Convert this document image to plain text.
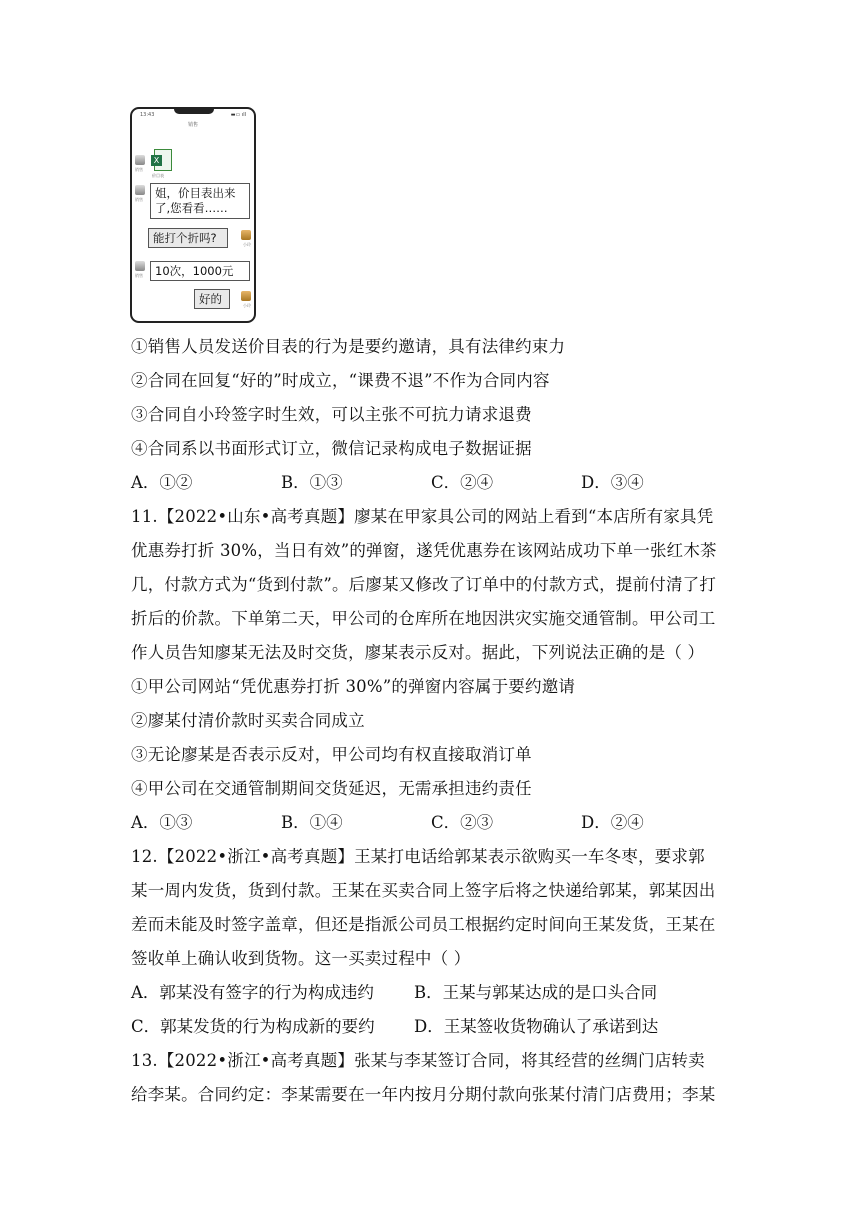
13:43	▬▭ ıll
销售
销售
X
价目表
销售	姐，价目表出来
了,您看看……
能打个折吗?	小玲
销售	10次，1000元
好的	小玲
①销售人员发送价目表的行为是要约邀请，具有法律约束力
②合同在回复“好的”时成立，“课费不退”不作为合同内容
③合同自小玲签字时生效，可以主张不可抗力请求退费
④合同系以书面形式订立，微信记录构成电子数据证据
A．①②	B．①③	C．②④	D．③④
11.【2022•山东•高考真题】廖某在甲家具公司的网站上看到“本店所有家具凭
优惠券打折 30%，当日有效”的弹窗，遂凭优惠券在该网站成功下单一张红木茶
几，付款方式为“货到付款”。后廖某又修改了订单中的付款方式，提前付清了打
折后的价款。下单第二天，甲公司的仓库所在地因洪灾实施交通管制。甲公司工
作人员告知廖某无法及时交货，廖某表示反对。据此，下列说法正确的是（ ）
①甲公司网站“凭优惠券打折 30%”的弹窗内容属于要约邀请
②廖某付清价款时买卖合同成立
③无论廖某是否表示反对，甲公司均有权直接取消订单
④甲公司在交通管制期间交货延迟，无需承担违约责任
A．①③	B．①④	C．②③	D．②④
12.【2022•浙江•高考真题】王某打电话给郭某表示欲购买一车冬枣，要求郭
某一周内发货，货到付款。王某在买卖合同上签字后将之快递给郭某，郭某因出
差而未能及时签字盖章，但还是指派公司员工根据约定时间向王某发货，王某在
签收单上确认收到货物。这一买卖过程中（ ）
A．郭某没有签字的行为构成违约 B．王某与郭某达成的是口头合同
C．郭某发货的行为构成新的要约 D．王某签收货物确认了承诺到达
13.【2022•浙江•高考真题】张某与李某签订合同，将其经营的丝绸门店转卖
给李某。合同约定：李某需要在一年内按月分期付款向张某付清门店费用；李某
